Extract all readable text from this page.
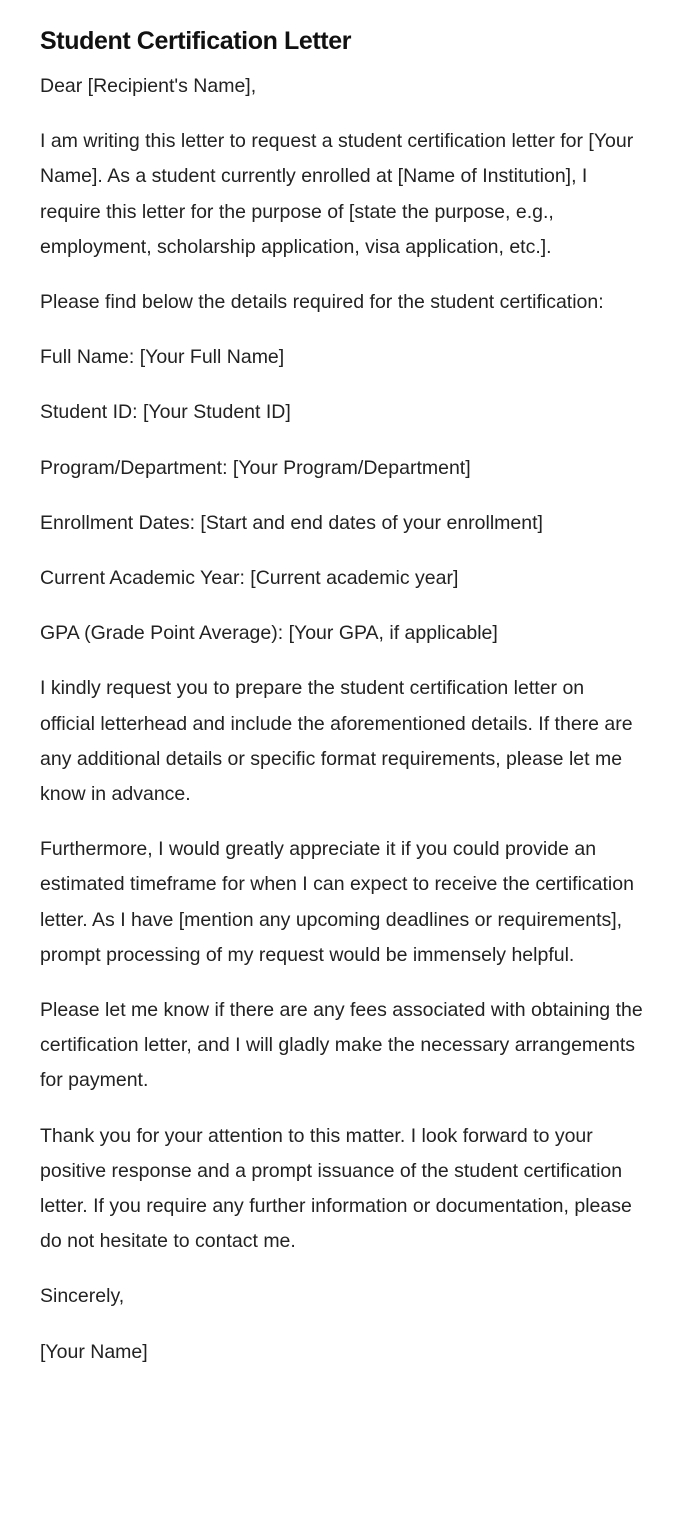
Student Certification Letter

Dear [Recipient's Name],

I am writing this letter to request a student certification letter for [Your Name]. As a student currently enrolled at [Name of Institution], I require this letter for the purpose of [state the purpose, e.g., employment, scholarship application, visa application, etc.].

Please find below the details required for the student certification:

Full Name: [Your Full Name]

Student ID: [Your Student ID]

Program/Department: [Your Program/Department]

Enrollment Dates: [Start and end dates of your enrollment]

Current Academic Year: [Current academic year]

GPA (Grade Point Average): [Your GPA, if applicable]

I kindly request you to prepare the student certification letter on official letterhead and include the aforementioned details. If there are any additional details or specific format requirements, please let me know in advance.

Furthermore, I would greatly appreciate it if you could provide an estimated timeframe for when I can expect to receive the certification letter. As I have [mention any upcoming deadlines or requirements], prompt processing of my request would be immensely helpful.

Please let me know if there are any fees associated with obtaining the certification letter, and I will gladly make the necessary arrangements for payment.

Thank you for your attention to this matter. I look forward to your positive response and a prompt issuance of the student certification letter. If you require any further information or documentation, please do not hesitate to contact me.

Sincerely,

[Your Name]
